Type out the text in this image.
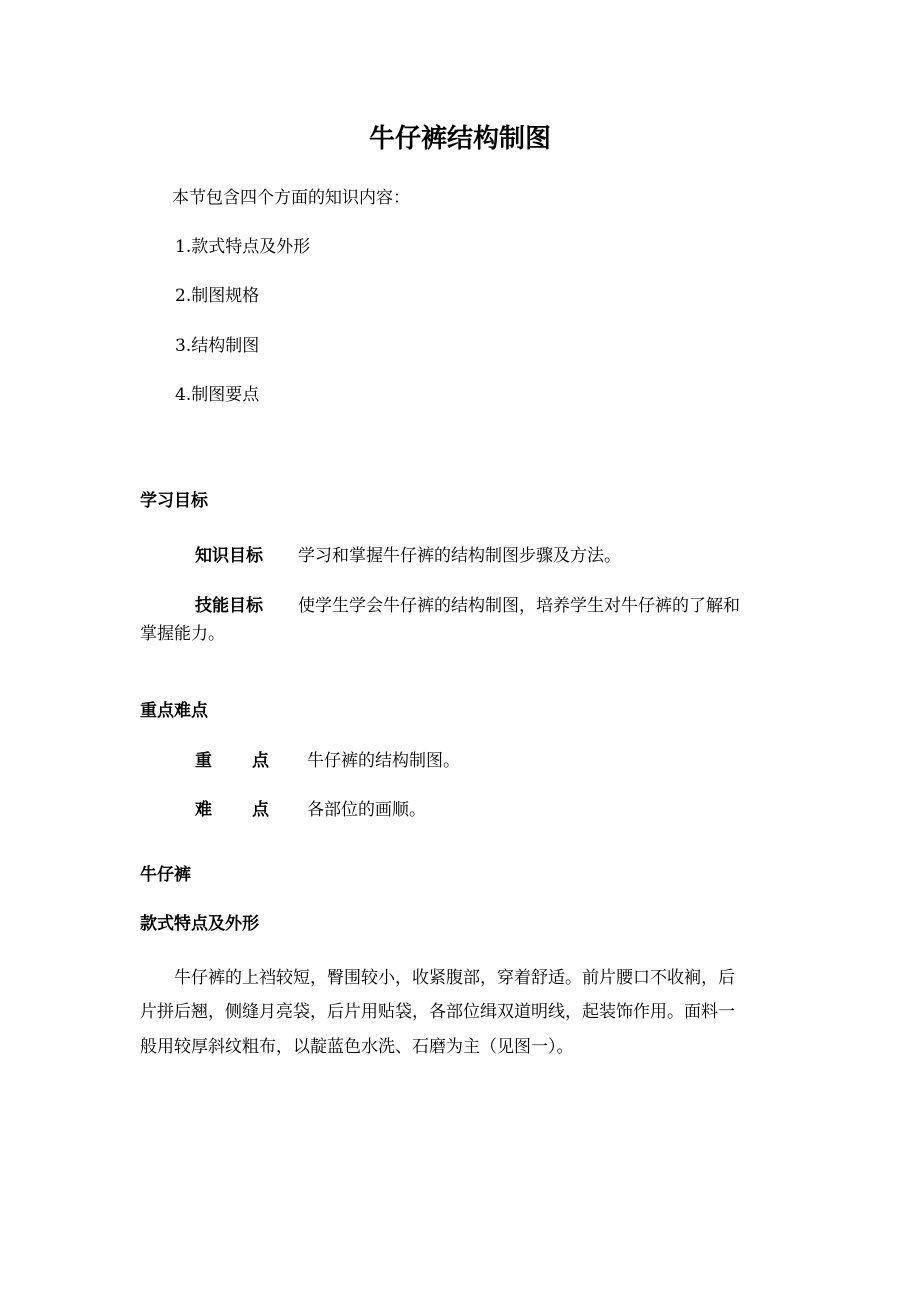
牛仔裤结构制图
本节包含四个方面的知识内容：
1.款式特点及外形
2.制图规格
3.结构制图
4.制图要点
学习目标
知识目标 学习和掌握牛仔裤的结构制图步骤及方法。
技能目标 使学生学会牛仔裤的结构制图，培养学生对牛仔裤的了解和
掌握能力。
重点难点
重 点 牛仔裤的结构制图。
难 点 各部位的画顺。
牛仔裤
款式特点及外形
牛仔裤的上裆较短，臀围较小，收紧腹部，穿着舒适。前片腰口不收裥，后
片拼后翘，侧缝月亮袋，后片用贴袋，各部位缉双道明线，起装饰作用。面料一
般用较厚斜纹粗布，以靛蓝色水洗、石磨为主（见图一）。
